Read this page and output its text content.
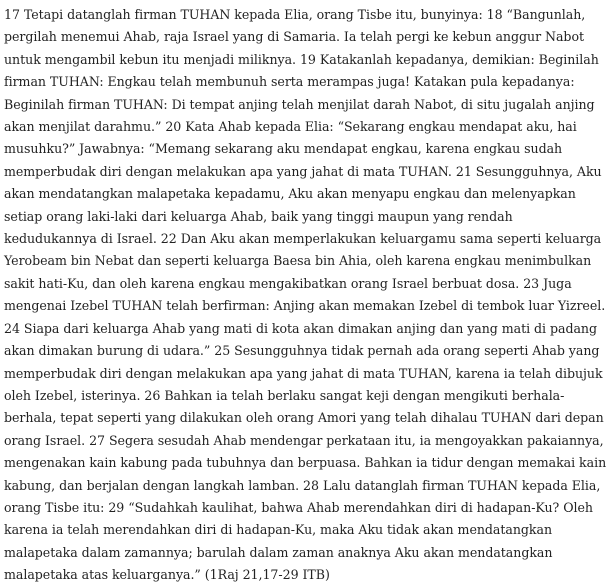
17 Tetapi datanglah firman TUHAN kepada Elia, orang Tisbe itu, bunyinya: 18 “Bangunlah, pergilah menemui Ahab, raja Israel yang di Samaria. Ia telah pergi ke kebun anggur Nabot untuk mengambil kebun itu menjadi miliknya. 19 Katakanlah kepadanya, demikian: Beginilah firman TUHAN: Engkau telah membunuh serta merampas juga! Katakan pula kepadanya: Beginilah firman TUHAN: Di tempat anjing telah menjilat darah Nabot, di situ jugalah anjing akan menjilat darahmu.” 20 Kata Ahab kepada Elia: “Sekarang engkau mendapat aku, hai musuhku?” Jawabnya: “Memang sekarang aku mendapat engkau, karena engkau sudah memperbudak diri dengan melakukan apa yang jahat di mata TUHAN. 21 Sesungguhnya, Aku akan mendatangkan malapetaka kepadamu, Aku akan menyapu engkau dan melenyapkan setiap orang laki-laki dari keluarga Ahab, baik yang tinggi maupun yang rendah kedudukannya di Israel. 22 Dan Aku akan memperlakukan keluargamu sama seperti keluarga Yerobeam bin Nebat dan seperti keluarga Baesa bin Ahia, oleh karena engkau menimbulkan sakit hati-Ku, dan oleh karena engkau mengakibatkan orang Israel berbuat dosa. 23 Juga mengenai Izebel TUHAN telah berfirman: Anjing akan memakan Izebel di tembok luar Yizreel. 24 Siapa dari keluarga Ahab yang mati di kota akan dimakan anjing dan yang mati di padang akan dimakan burung di udara.” 25 Sesungguhnya tidak pernah ada orang seperti Ahab yang memperbudak diri dengan melakukan apa yang jahat di mata TUHAN, karena ia telah dibujuk oleh Izebel, isterinya. 26 Bahkan ia telah berlaku sangat keji dengan mengikuti berhala-berhala, tepat seperti yang dilakukan oleh orang Amori yang telah dihalau TUHAN dari depan orang Israel. 27 Segera sesudah Ahab mendengar perkataan itu, ia mengoyakkan pakaiannya, mengenakan kain kabung pada tubuhnya dan berpuasa. Bahkan ia tidur dengan memakai kain kabung, dan berjalan dengan langkah lamban. 28 Lalu datanglah firman TUHAN kepada Elia, orang Tisbe itu: 29 “Sudahkah kaulihat, bahwa Ahab merendahkan diri di hadapan-Ku? Oleh karena ia telah merendahkan diri di hadapan-Ku, maka Aku tidak akan mendatangkan malapetaka dalam zamannya; barulah dalam zaman anaknya Aku akan mendatangkan malapetaka atas keluarganya.” (1Raj 21,17-29 ITB)
